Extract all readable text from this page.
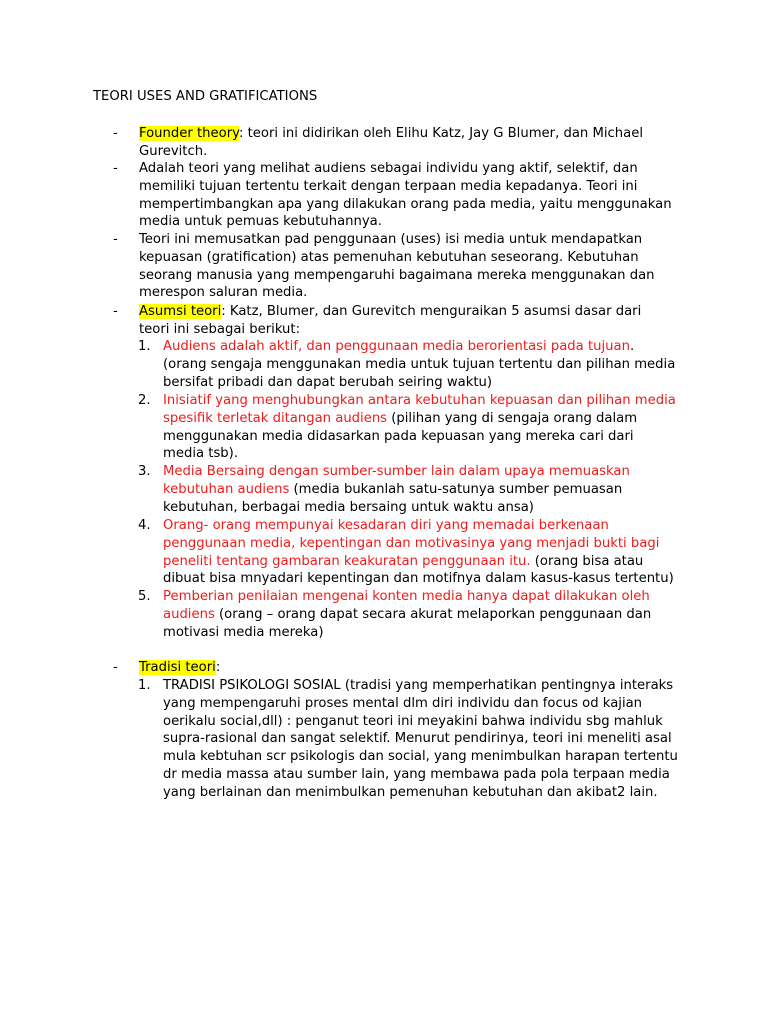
TEORI USES AND GRATIFICATIONS
- Founder theory: teori ini didirikan oleh Elihu Katz, Jay G Blumer, dan Michael Gurevitch.
- Adalah teori yang melihat audiens sebagai individu yang aktif, selektif, dan memiliki tujuan tertentu terkait dengan terpaan media kepadanya. Teori ini mempertimbangkan apa yang dilakukan orang pada media, yaitu menggunakan media untuk pemuas kebutuhannya.
- Teori ini memusatkan pad penggunaan (uses) isi media untuk mendapatkan kepuasan (gratification) atas pemenuhan kebutuhan seseorang. Kebutuhan seorang manusia yang mempengaruhi bagaimana mereka menggunakan dan merespon saluran media.
- Asumsi teori: Katz, Blumer, dan Gurevitch menguraikan 5 asumsi dasar dari teori ini sebagai berikut:
1. Audiens adalah aktif, dan penggunaan media berorientasi pada tujuan. (orang sengaja menggunakan media untuk tujuan tertentu dan pilihan media bersifat pribadi dan dapat berubah seiring waktu)
2. Inisiatif yang menghubungkan antara kebutuhan kepuasan dan pilihan media spesifik terletak ditangan audiens (pilihan yang di sengaja orang dalam menggunakan media didasarkan pada kepuasan yang mereka cari dari media tsb).
3. Media Bersaing dengan sumber-sumber lain dalam upaya memuaskan kebutuhan audiens (media bukanlah satu-satunya sumber pemuasan kebutuhan, berbagai media bersaing untuk waktu ansa)
4. Orang- orang mempunyai kesadaran diri yang memadai berkenaan penggunaan media, kepentingan dan motivasinya yang menjadi bukti bagi peneliti tentang gambaran keakuratan penggunaan itu. (orang bisa atau dibuat bisa mnyadari kepentingan dan motifnya dalam kasus-kasus tertentu)
5. Pemberian penilaian mengenai konten media hanya dapat dilakukan oleh audiens (orang – orang dapat secara akurat melaporkan penggunaan dan motivasi media mereka)
- Tradisi teori:
1. TRADISI PSIKOLOGI SOSIAL (tradisi yang memperhatikan pentingnya interaks yang mempengaruhi proses mental dlm diri individu dan focus od kajian oerikalu social,dll) : penganut teori ini meyakini bahwa individu sbg mahluk supra-rasional dan sangat selektif. Menurut pendirinya, teori ini meneliti asal mula kebtuhan scr psikologis dan social, yang menimbulkan harapan tertentu dr media massa atau sumber lain, yang membawa pada pola terpaan media yang berlainan dan menimbulkan pemenuhan kebutuhan dan akibat2 lain.
